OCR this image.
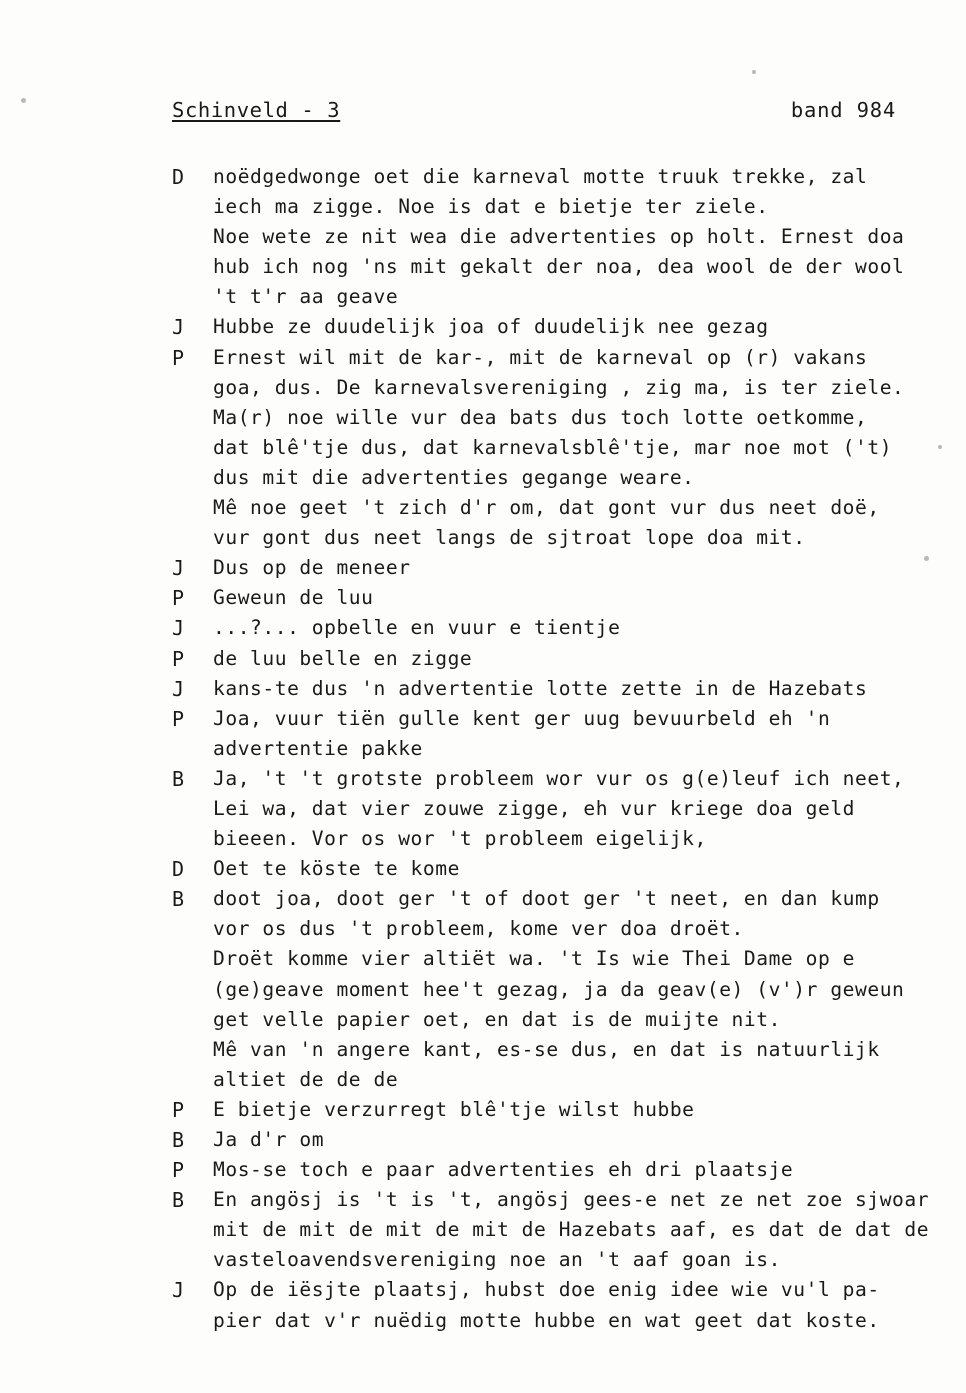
Schinveld - 3	band 984
D	noëdgedwonge oet die karneval motte truuk trekke, zal
iech ma zigge. Noe is dat e bietje ter ziele.
Noe wete ze nit wea die advertenties op holt. Ernest doa
hub ich nog 'ns mit gekalt der noa, dea wool de der wool
't t'r aa geave
J	Hubbe ze duudelijk joa of duudelijk nee gezag
P	Ernest wil mit de kar-, mit de karneval op (r) vakans
goa, dus. De karnevalsvereniging , zig ma, is ter ziele.
Ma(r) noe wille vur dea bats dus toch lotte oetkomme,
dat blê'tje dus, dat karnevalsblê'tje, mar noe mot ('t)
dus mit die advertenties gegange weare.
Mê noe geet 't zich d'r om, dat gont vur dus neet doë,
vur gont dus neet langs de sjtroat lope doa mit.
J	Dus op de meneer
P	Geweun de luu
J	...?... opbelle en vuur e tientje
P	de luu belle en zigge
J	kans-te dus 'n advertentie lotte zette in de Hazebats
P	Joa, vuur tiën gulle kent ger uug bevuurbeld eh 'n
advertentie pakke
B	Ja, 't 't grotste probleem wor vur os g(e)leuf ich neet,
Lei wa, dat vier zouwe zigge, eh vur kriege doa geld
bieeen. Vor os wor 't probleem eigelijk,
D	Oet te köste te kome
B	doot joa, doot ger 't of doot ger 't neet, en dan kump
vor os dus 't probleem, kome ver doa droët.
Droët komme vier altiët wa. 't Is wie Thei Dame op e
(ge)geave moment hee't gezag, ja da geav(e) (v')r geweun
get velle papier oet, en dat is de muijte nit.
Mê van 'n angere kant, es-se dus, en dat is natuurlijk
altiet de de de
P	E bietje verzurregt blê'tje wilst hubbe
B	Ja d'r om
P	Mos-se toch e paar advertenties eh dri plaatsje
B	En angösj is 't is 't, angösj gees-e net ze net zoe sjwoar
mit de mit de mit de mit de Hazebats aaf, es dat de dat de
vasteloavendsvereniging noe an 't aaf goan is.
J	Op de iësjte plaatsj, hubst doe enig idee wie vu'l pa-
pier dat v'r nuëdig motte hubbe en wat geet dat koste.
